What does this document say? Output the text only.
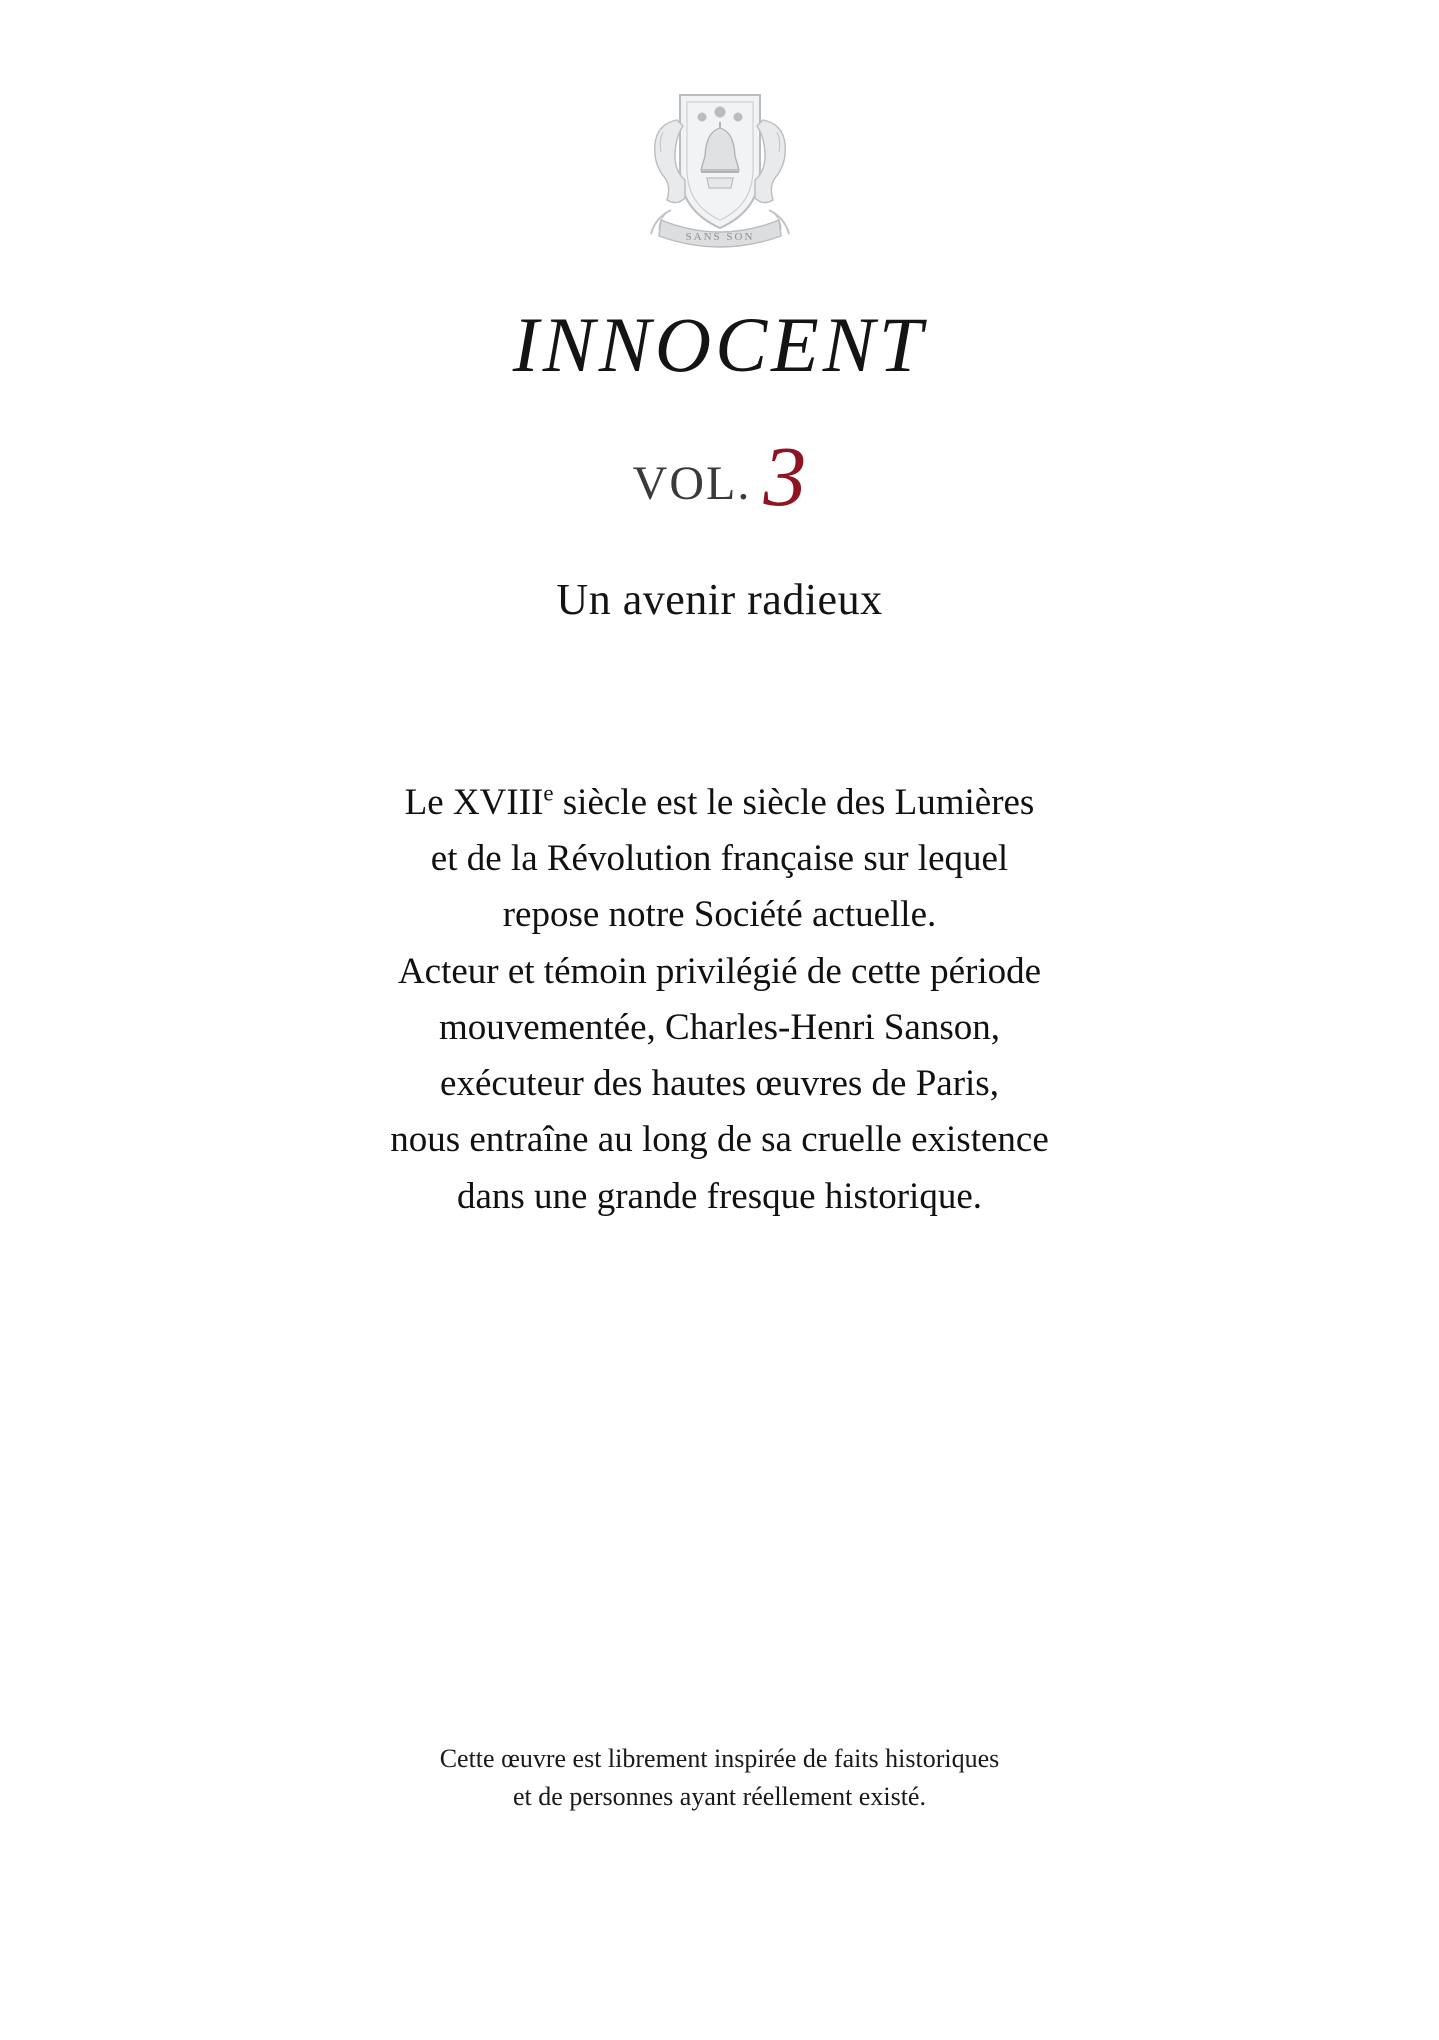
SANS SON
INNOCENT
VOL. 3
Un avenir radieux
Le XVIIIe siècle est le siècle des Lumières
et de la Révolution française sur lequel
repose notre Société actuelle.
Acteur et témoin privilégié de cette période
mouvementée, Charles-Henri Sanson,
exécuteur des hautes œuvres de Paris,
nous entraîne au long de sa cruelle existence
dans une grande fresque historique.
Cette œuvre est librement inspirée de faits historiques
et de personnes ayant réellement existé.
